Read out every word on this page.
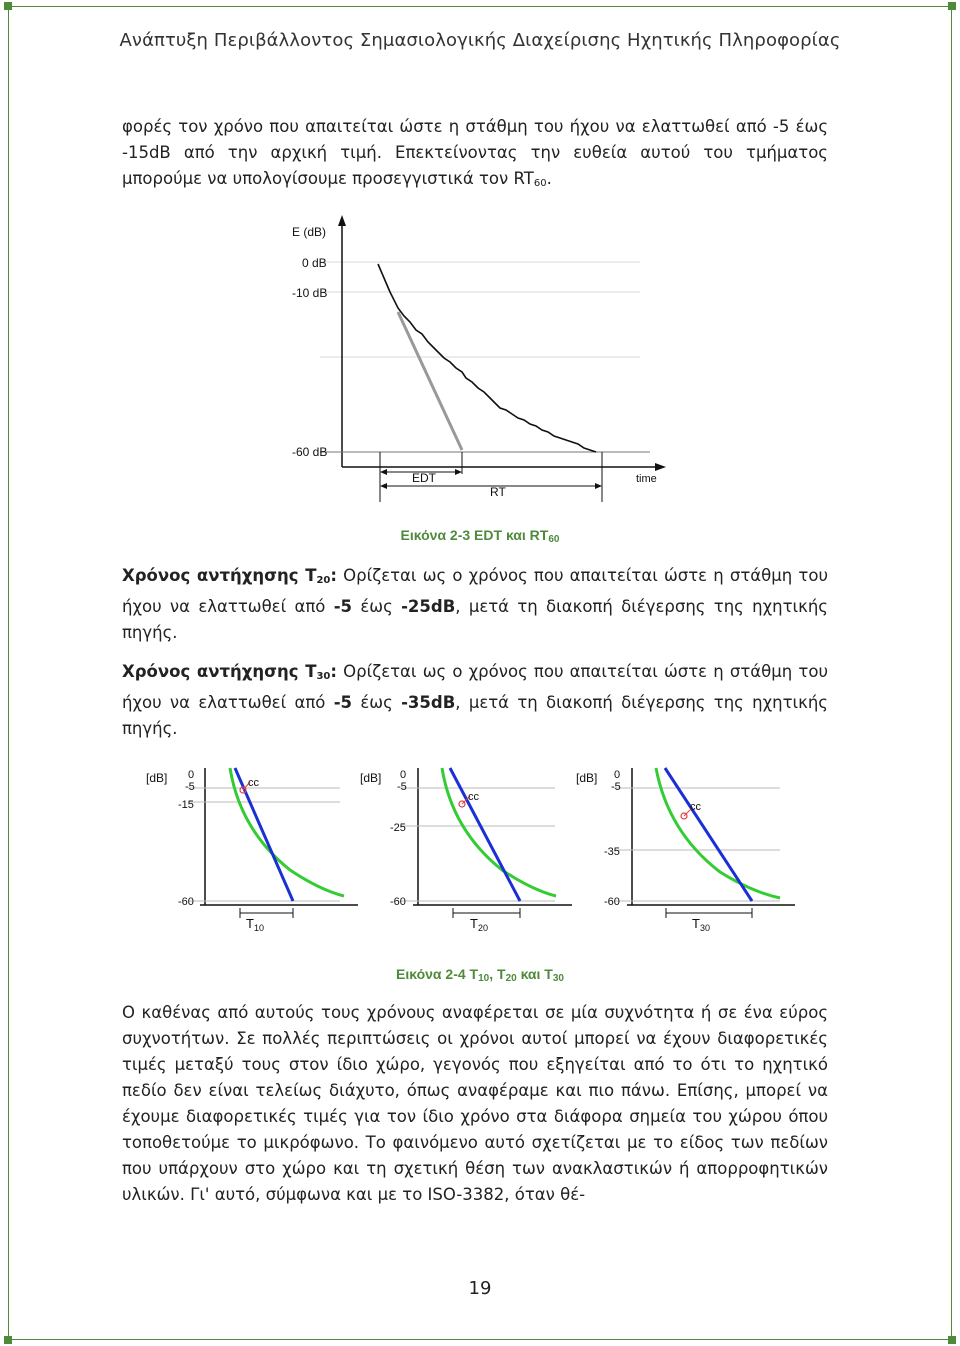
Ανάπτυξη Περιβάλλοντος Σημασιολογικής Διαχείρισης Ηχητικής Πληροφορίας
φορές τον χρόνο που απαιτείται ώστε η στάθμη του ήχου να ελαττωθεί από -5 έως -15dB από την αρχική τιμή. Επεκτείνοντας την ευθεία αυτού του τμήματος μπορούμε να υπολογίσουμε προσεγγιστικά τον $RT_{60}$.
E (dB)
0 dB
-10 dB
-60 dB
EDT
RT
time
Εικόνα 2-3 EDT και $RT_{60}$
Χρόνος αντήχησης $T_{20}$: Ορίζεται ως ο χρόνος που απαιτείται ώστε η στάθμη του ήχου να ελαττωθεί από -5 έως -25dB, μετά τη διακοπή διέγερσης της ηχητικής πηγής.
Χρόνος αντήχησης $T_{30}$: Ορίζεται ως ο χρόνος που απαιτείται ώστε η στάθμη του ήχου να ελαττωθεί από -5 έως -35dB, μετά τη διακοπή διέγερσης της ηχητικής πηγής.
[dB] 0
-5
-15
-60
cc
$T_{10}$
[dB] 0
-5
-25
-60
cc
$T_{20}$
[dB] 0
-5
-35
-60
cc
$T_{30}$
Εικόνα 2-4 $T_{10}$, $T_{20}$ και $T_{30}$
Ο καθένας από αυτούς τους χρόνους αναφέρεται σε μία συχνότητα ή σε ένα εύρος συχνοτήτων. Σε πολλές περιπτώσεις οι χρόνοι αυτοί μπορεί να έχουν διαφορετικές τιμές μεταξύ τους στον ίδιο χώρο, γεγονός που εξηγείται από το ότι το ηχητικό πεδίο δεν είναι τελείως διάχυτο, όπως αναφέραμε και πιο πάνω. Επίσης, μπορεί να έχουμε διαφορετικές τιμές για τον ίδιο χρόνο στα διάφορα σημεία του χώρου όπου τοποθετούμε το μικρόφωνο. Το φαινόμενο αυτό σχετίζεται με το είδος των πεδίων που υπάρχουν στο χώρο και τη σχετική θέση των ανακλαστικών ή απορροφητικών υλικών. Γι' αυτό, σύμφωνα και με το ISO-3382, όταν θέ-
19
